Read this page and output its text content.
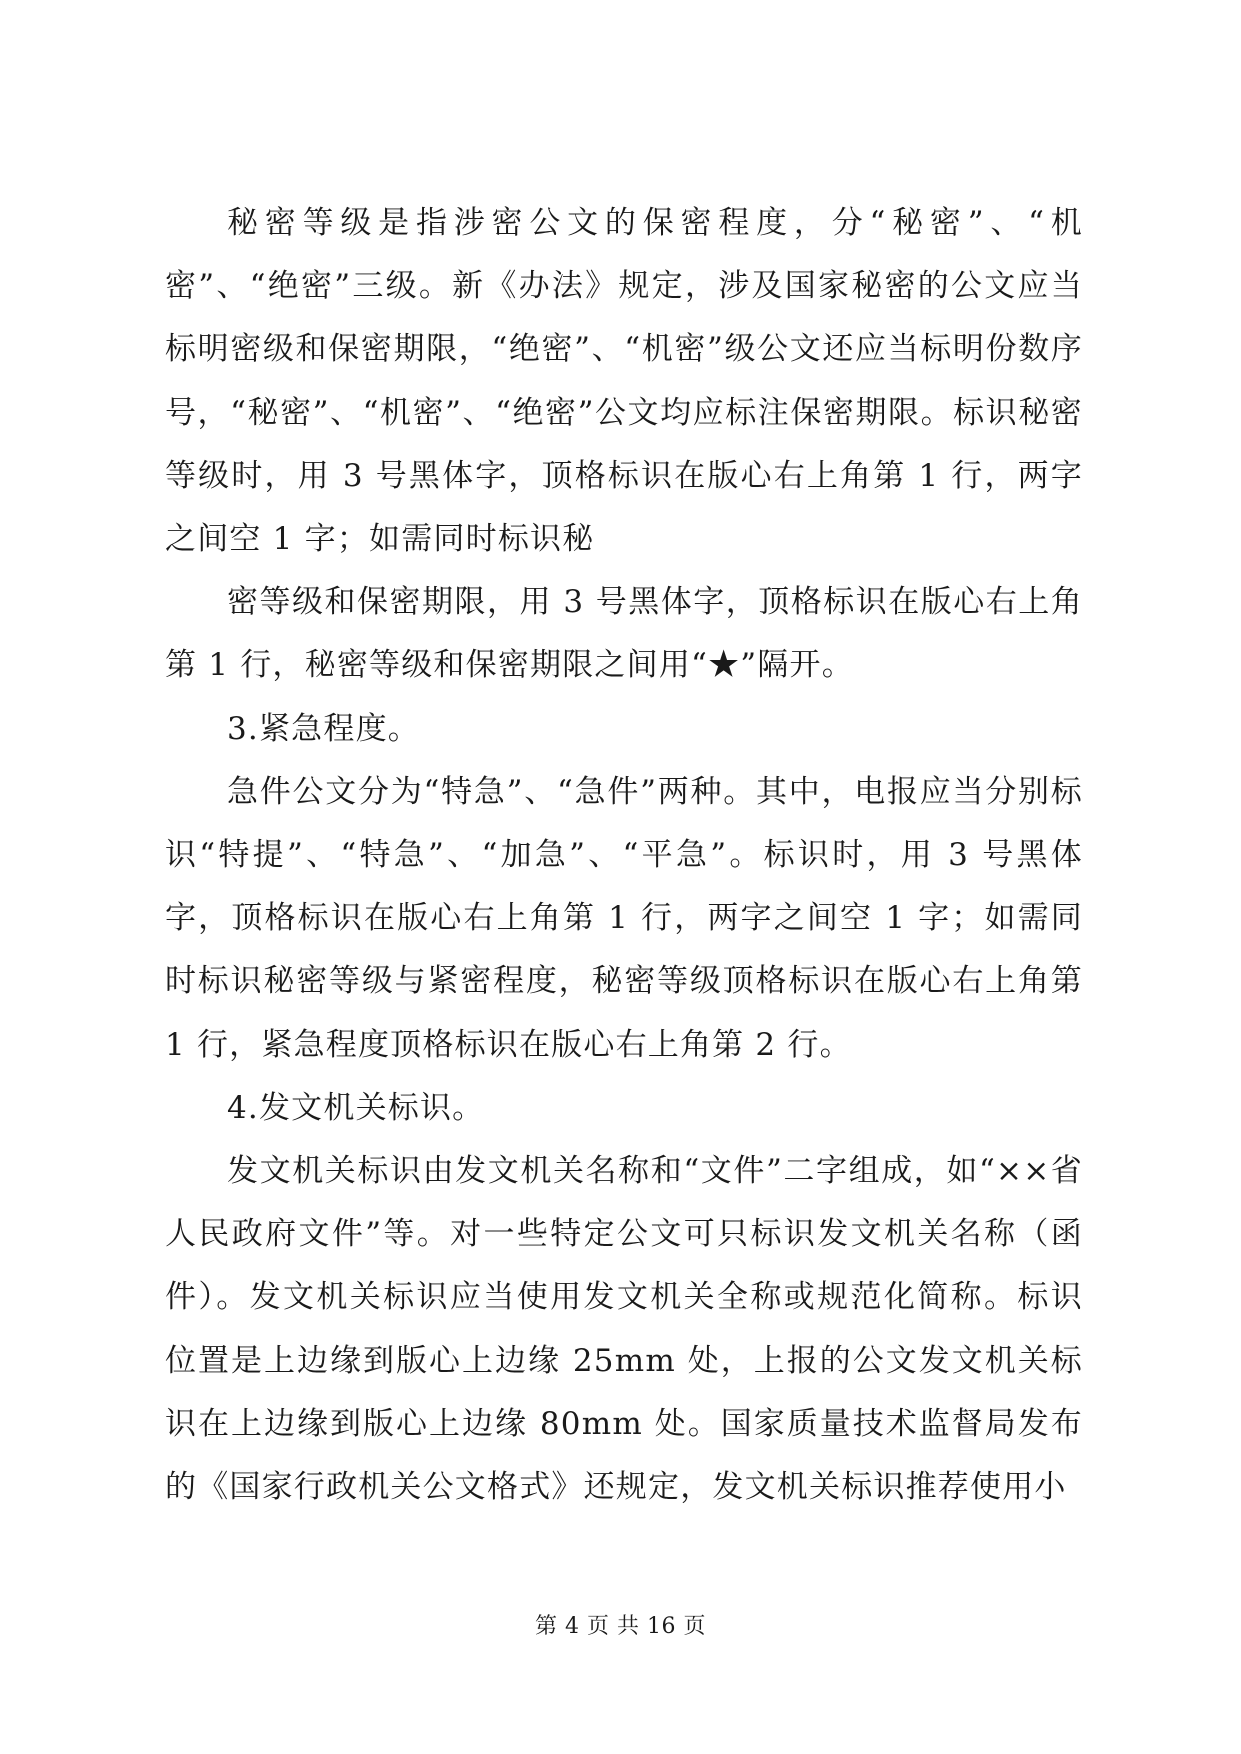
秘密等级是指涉密公文的保密程度，分“秘密”、“机密”、“绝密”三级。新《办法》规定，涉及国家秘密的公文应当标明密级和保密期限，“绝密”、“机密”级公文还应当标明份数序号，“秘密”、“机密”、“绝密”公文均应标注保密期限。标识秘密等级时，用 3 号黑体字，顶格标识在版心右上角第 1 行，两字之间空 1 字；如需同时标识秘

密等级和保密期限，用 3 号黑体字，顶格标识在版心右上角第 1 行，秘密等级和保密期限之间用“★”隔开。

3.紧急程度。

急件公文分为“特急”、“急件”两种。其中，电报应当分别标识“特提”、“特急”、“加急”、“平急”。标识时，用 3 号黑体字，顶格标识在版心右上角第 1 行，两字之间空 1 字；如需同时标识秘密等级与紧密程度，秘密等级顶格标识在版心右上角第 1 行，紧急程度顶格标识在版心右上角第 2 行。

4.发文机关标识。

发文机关标识由发文机关名称和“文件”二字组成，如“××省人民政府文件”等。对一些特定公文可只标识发文机关名称（函件）。发文机关标识应当使用发文机关全称或规范化简称。标识位置是上边缘到版心上边缘 25mm 处，上报的公文发文机关标识在上边缘到版心上边缘 80mm 处。国家质量技术监督局发布的《国家行政机关公文格式》还规定，发文机关标识推荐使用小

第 4 页 共 16 页
